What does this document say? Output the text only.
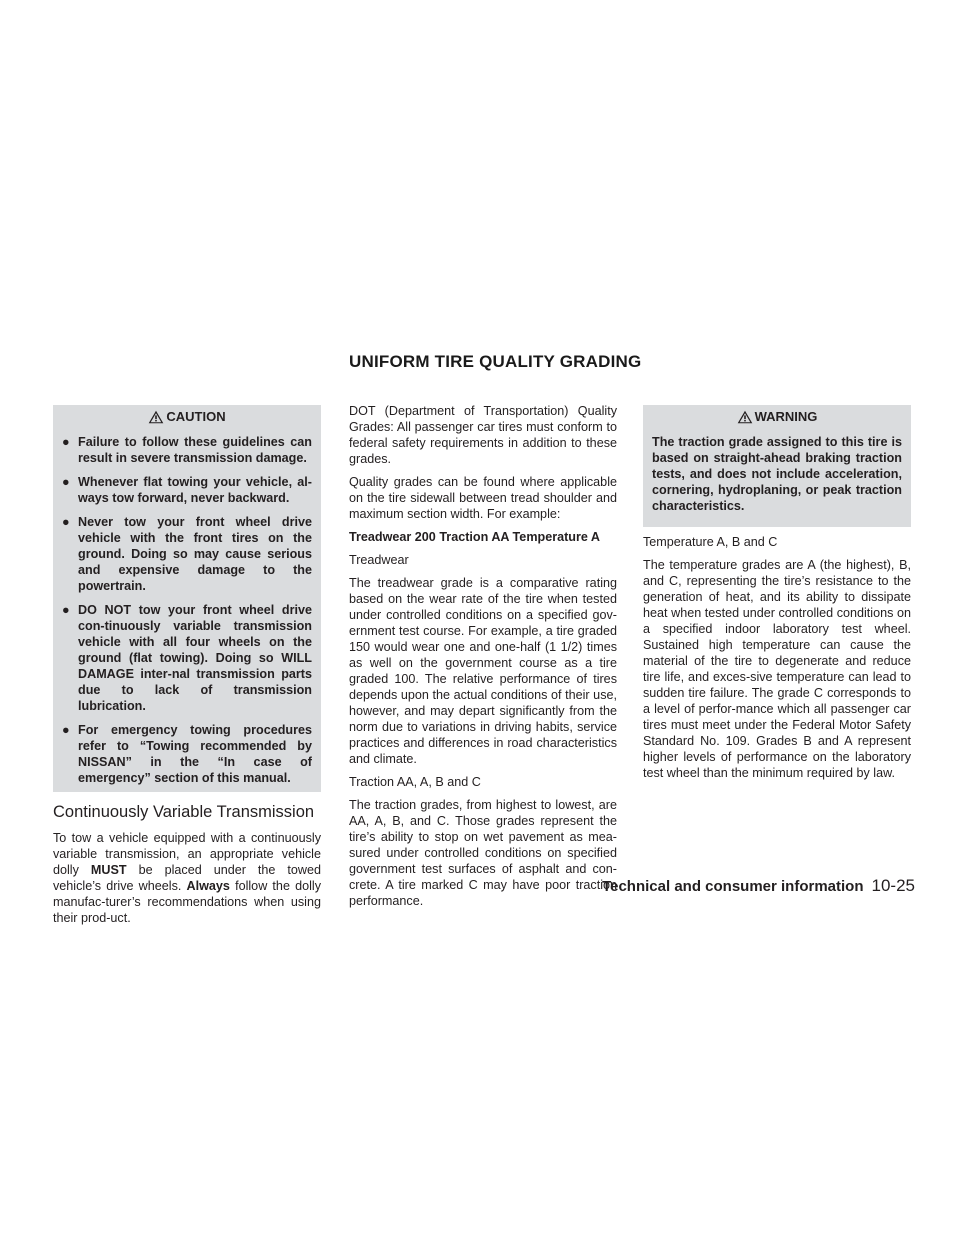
UNIFORM TIRE QUALITY GRADING
CAUTION
● Failure to follow these guidelines can result in severe transmission damage.
● Whenever flat towing your vehicle, al-ways tow forward, never backward.
● Never tow your front wheel drive vehicle with the front tires on the ground. Doing so may cause serious and expensive damage to the powertrain.
● DO NOT tow your front wheel drive con-tinuously variable transmission vehicle with all four wheels on the ground (flat towing). Doing so WILL DAMAGE inter-nal transmission parts due to lack of transmission lubrication.
● For emergency towing procedures refer to “Towing recommended by NISSAN” in the “In case of emergency” section of this manual.
Continuously Variable Transmission

To tow a vehicle equipped with a continuously variable transmission, an appropriate vehicle dolly MUST be placed under the towed vehicle’s drive wheels. Always follow the dolly manufac-turer’s recommendations when using their prod-uct.

DOT (Department of Transportation) Quality Grades: All passenger car tires must conform to federal safety requirements in addition to these grades.

Quality grades can be found where applicable on the tire sidewall between tread shoulder and maximum section width. For example:

Treadwear 200 Traction AA Temperature A

Treadwear

The treadwear grade is a comparative rating based on the wear rate of the tire when tested under controlled conditions on a specified gov-ernment test course. For example, a tire graded 150 would wear one and one-half (1 1/2) times as well on the government course as a tire graded 100. The relative performance of tires depends upon the actual conditions of their use, however, and may depart significantly from the norm due to variations in driving habits, service practices and differences in road characteristics and climate.

Traction AA, A, B and C

The traction grades, from highest to lowest, are AA, A, B, and C. Those grades represent the tire’s ability to stop on wet pavement as mea-sured under controlled conditions on specified government test surfaces of asphalt and con-crete. A tire marked C may have poor traction performance.

WARNING

The traction grade assigned to this tire is based on straight-ahead braking traction tests, and does not include acceleration, cornering, hydroplaning, or peak traction characteristics.

Temperature A, B and C

The temperature grades are A (the highest), B, and C, representing the tire’s resistance to the generation of heat, and its ability to dissipate heat when tested under controlled conditions on a specified indoor laboratory test wheel. Sustained high temperature can cause the material of the tire to degenerate and reduce tire life, and exces-sive temperature can lead to sudden tire failure. The grade C corresponds to a level of perfor-mance which all passenger car tires must meet under the Federal Motor Safety Standard No. 109. Grades B and A represent higher levels of performance on the laboratory test wheel than the minimum required by law.

Technical and consumer information 10-25
